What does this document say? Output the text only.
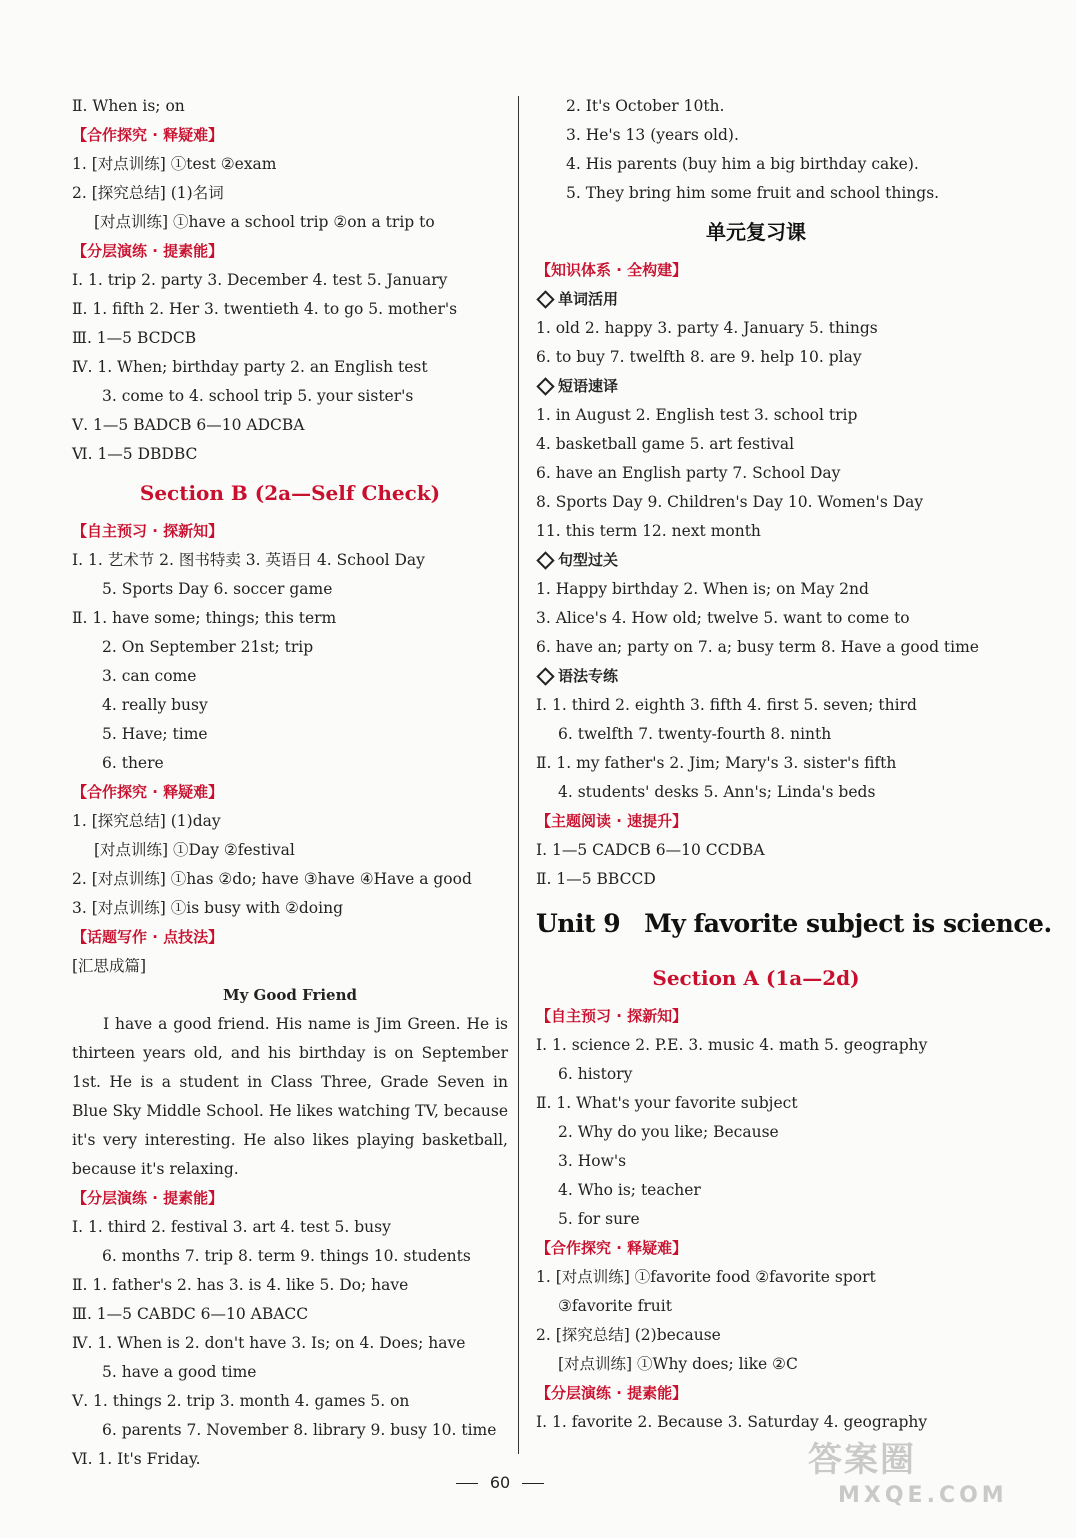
Ⅱ. When is; on
【合作探究 · 释疑难】
1. [对点训练] ①test ②exam
2. [探究总结] (1)名词
[对点训练] ①have a school trip ②on a trip to
【分层演练 · 提素能】
Ⅰ. 1. trip 2. party 3. December 4. test 5. January
Ⅱ. 1. fifth 2. Her 3. twentieth 4. to go 5. mother's
Ⅲ. 1—5 BCDCB
Ⅳ. 1. When; birthday party 2. an English test
3. come to 4. school trip 5. your sister's
Ⅴ. 1—5 BADCB 6—10 ADCBA
Ⅵ. 1—5 DBDBC
Section B (2a—Self Check)
【自主预习 · 探新知】
Ⅰ. 1. 艺术节 2. 图书特卖 3. 英语日 4. School Day
5. Sports Day 6. soccer game
Ⅱ. 1. have some; things; this term
2. On September 21st; trip
3. can come
4. really busy
5. Have; time
6. there
【合作探究 · 释疑难】
1. [探究总结] (1)day
[对点训练] ①Day ②festival
2. [对点训练] ①has ②do; have ③have ④Have a good
3. [对点训练] ①is busy with ②doing
【话题写作 · 点技法】
[汇思成篇]
My Good Friend
I have a good friend. His name is Jim Green. He is thirteen years old, and his birthday is on September 1st. He is a student in Class Three, Grade Seven in Blue Sky Middle School. He likes watching TV, because it's very interesting. He also likes playing basketball, because it's relaxing.
【分层演练 · 提素能】
Ⅰ. 1. third 2. festival 3. art 4. test 5. busy
6. months 7. trip 8. term 9. things 10. students
Ⅱ. 1. father's 2. has 3. is 4. like 5. Do; have
Ⅲ. 1—5 CABDC 6—10 ABACC
Ⅳ. 1. When is 2. don't have 3. Is; on 4. Does; have
5. have a good time
Ⅴ. 1. things 2. trip 3. month 4. games 5. on
6. parents 7. November 8. library 9. busy 10. time
Ⅵ. 1. It's Friday.
2. It's October 10th.
3. He's 13 (years old).
4. His parents (buy him a big birthday cake).
5. They bring him some fruit and school things.
单元复习课
【知识体系 · 全构建】
单词活用
1. old 2. happy 3. party 4. January 5. things
6. to buy 7. twelfth 8. are 9. help 10. play
短语速译
1. in August 2. English test 3. school trip
4. basketball game 5. art festival
6. have an English party 7. School Day
8. Sports Day 9. Children's Day 10. Women's Day
11. this term 12. next month
句型过关
1. Happy birthday 2. When is; on May 2nd
3. Alice's 4. How old; twelve 5. want to come to
6. have an; party on 7. a; busy term 8. Have a good time
语法专练
Ⅰ. 1. third 2. eighth 3. fifth 4. first 5. seven; third
6. twelfth 7. twenty-fourth 8. ninth
Ⅱ. 1. my father's 2. Jim; Mary's 3. sister's fifth
4. students' desks 5. Ann's; Linda's beds
【主题阅读 · 速提升】
Ⅰ. 1—5 CADCB 6—10 CCDBA
Ⅱ. 1—5 BBCCD
Unit 9 My favorite subject is science.
Section A (1a—2d)
【自主预习 · 探新知】
Ⅰ. 1. science 2. P.E. 3. music 4. math 5. geography
6. history
Ⅱ. 1. What's your favorite subject
2. Why do you like; Because
3. How's
4. Who is; teacher
5. for sure
【合作探究 · 释疑难】
1. [对点训练] ①favorite food ②favorite sport
③favorite fruit
2. [探究总结] (2)because
[对点训练] ①Why does; like ②C
【分层演练 · 提素能】
Ⅰ. 1. favorite 2. Because 3. Saturday 4. geography
60
答案圈
MXQE.COM
